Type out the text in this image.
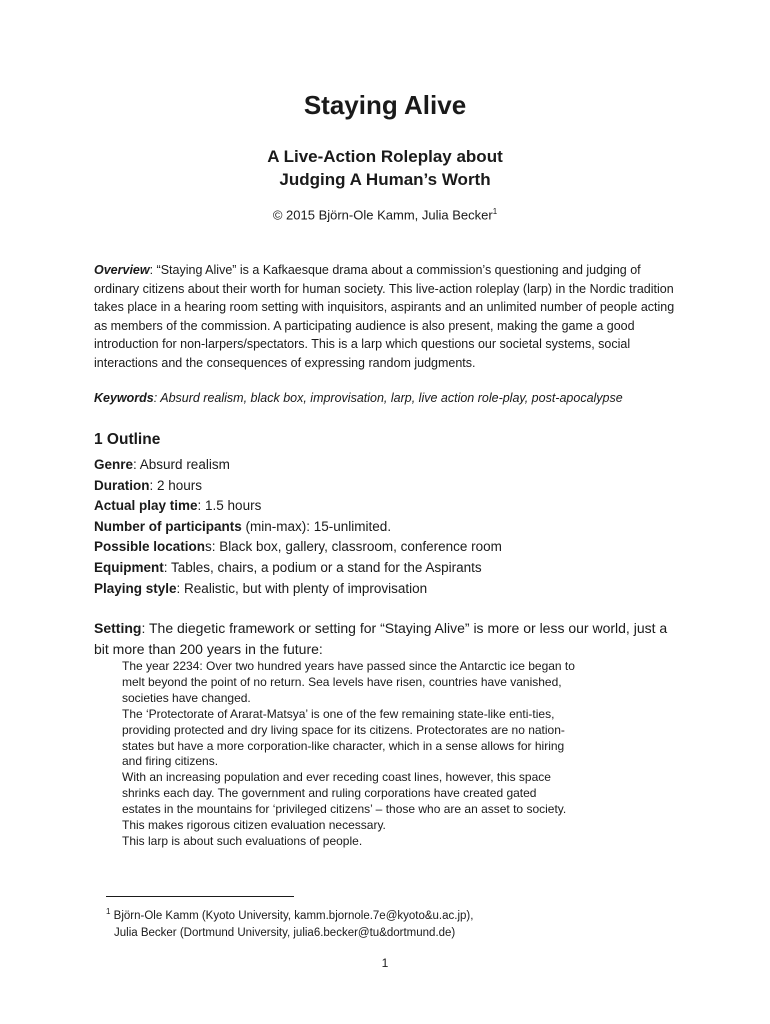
Staying Alive
A Live-Action Roleplay about
Judging A Human’s Worth
© 2015 Björn-Ole Kamm, Julia Becker$^1$

Overview: “Staying Alive” is a Kafkaesque drama about a commission’s questioning and judging of ordinary citizens about their worth for human society. This live-action roleplay (larp) in the Nordic tradition takes place in a hearing room setting with inquisitors, aspirants and an unlimited number of people acting as members of the commission. A participating audience is also present, making the game a good introduction for non-larpers/spectators. This is a larp which questions our societal systems, social interactions and the consequences of expressing random judgments.

Keywords: Absurd realism, black box, improvisation, larp, live action role-play, post-apocalypse

1 Outline
Genre: Absurd realism
Duration: 2 hours
Actual play time: 1.5 hours
Number of participants (min-max): 15-unlimited.
Possible locations: Black box, gallery, classroom, conference room
Equipment: Tables, chairs, a podium or a stand for the Aspirants
Playing style: Realistic, but with plenty of improvisation

Setting: The diegetic framework or setting for “Staying Alive” is more or less our world, just a bit more than 200 years in the future:

The year 2234: Over two hundred years have passed since the Antarctic ice began to
melt beyond the point of no return. Sea levels have risen, countries have vanished,
societies have changed.
The ‘Protectorate of Ararat-Matsya’ is one of the few remaining state-like enti-ties,
providing protected and dry living space for its citizens. Protectorates are no nation-
states but have a more corporation-like character, which in a sense allows for hiring
and firing citizens.
With an increasing population and ever receding coast lines, however, this space
shrinks each day. The government and ruling corporations have created gated
estates in the mountains for ‘privileged citizens’ – those who are an asset to society.
This makes rigorous citizen evaluation necessary.
This larp is about such evaluations of people.
$^1$ Björn-Ole Kamm (Kyoto University, kamm.bjornole.7e@kyoto&u.ac.jp),
Julia Becker (Dortmund University, julia6.becker@tu&dortmund.de)
1
